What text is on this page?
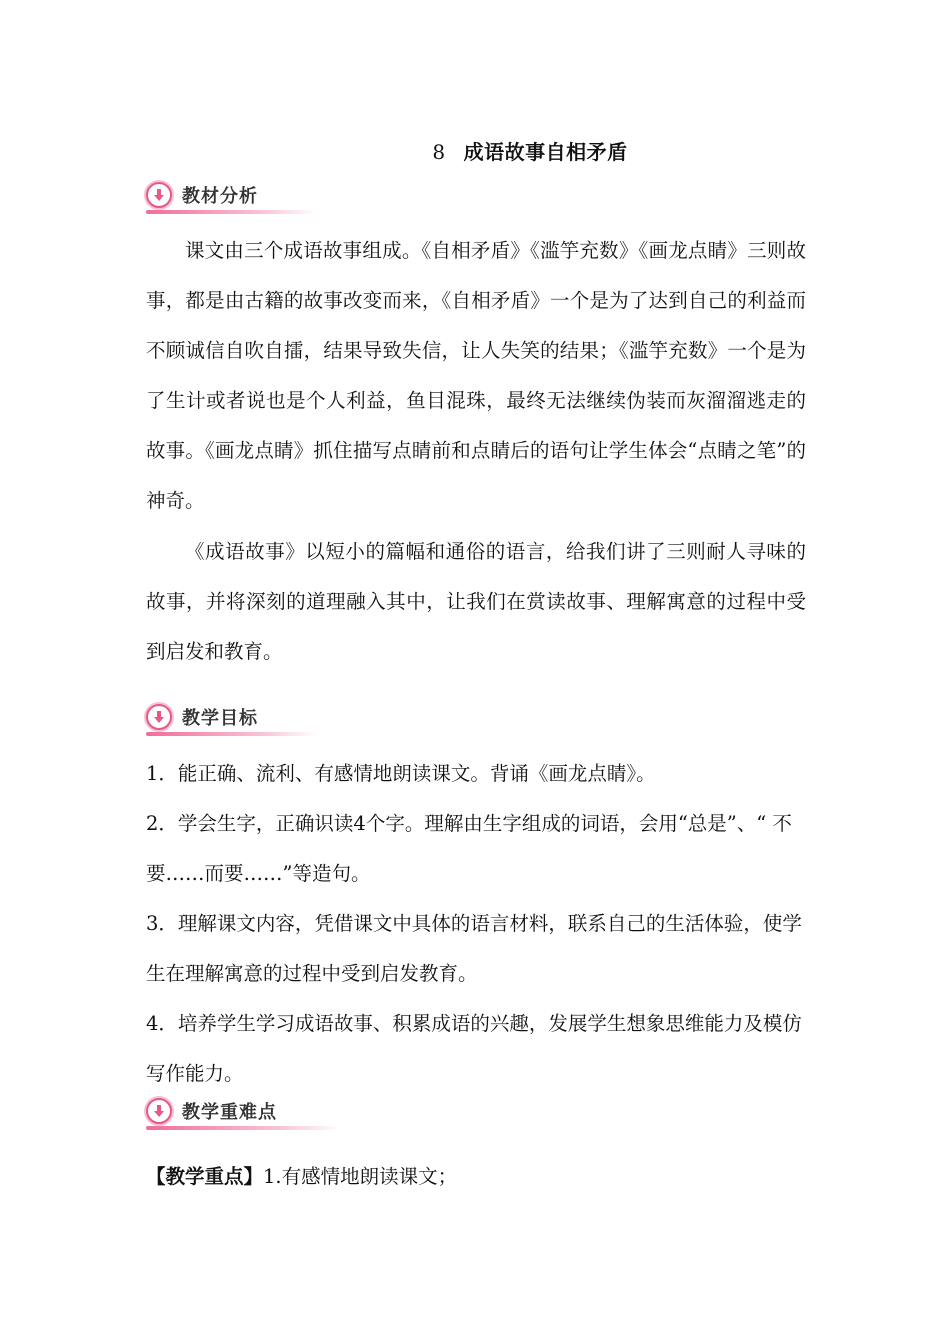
8 成语故事自相矛盾
教材分析
课文由三个成语故事组成。《自相矛盾》《滥竽充数》《画龙点睛》三则故事，都是由古籍的故事改变而来，《自相矛盾》一个是为了达到自己的利益而不顾诚信自吹自擂，结果导致失信，让人失笑的结果；《滥竽充数》一个是为了生计或者说也是个人利益，鱼目混珠，最终无法继续伪装而灰溜溜逃走的故事。《画龙点睛》抓住描写点睛前和点睛后的语句让学生体会“点睛之笔”的神奇。
《成语故事》以短小的篇幅和通俗的语言，给我们讲了三则耐人寻味的故事，并将深刻的道理融入其中，让我们在赏读故事、理解寓意的过程中受到启发和教育。
教学目标
1．能正确、流利、有感情地朗读课文。背诵《画龙点睛》。
2．学会生字，正确识读4个字。理解由生字组成的词语，会用“总是”、“ 不要……而要……”等造句。
3．理解课文内容，凭借课文中具体的语言材料，联系自己的生活体验，使学生在理解寓意的过程中受到启发教育。
4．培养学生学习成语故事、积累成语的兴趣，发展学生想象思维能力及模仿写作能力。
教学重难点
【教学重点】1.有感情地朗读课文；
